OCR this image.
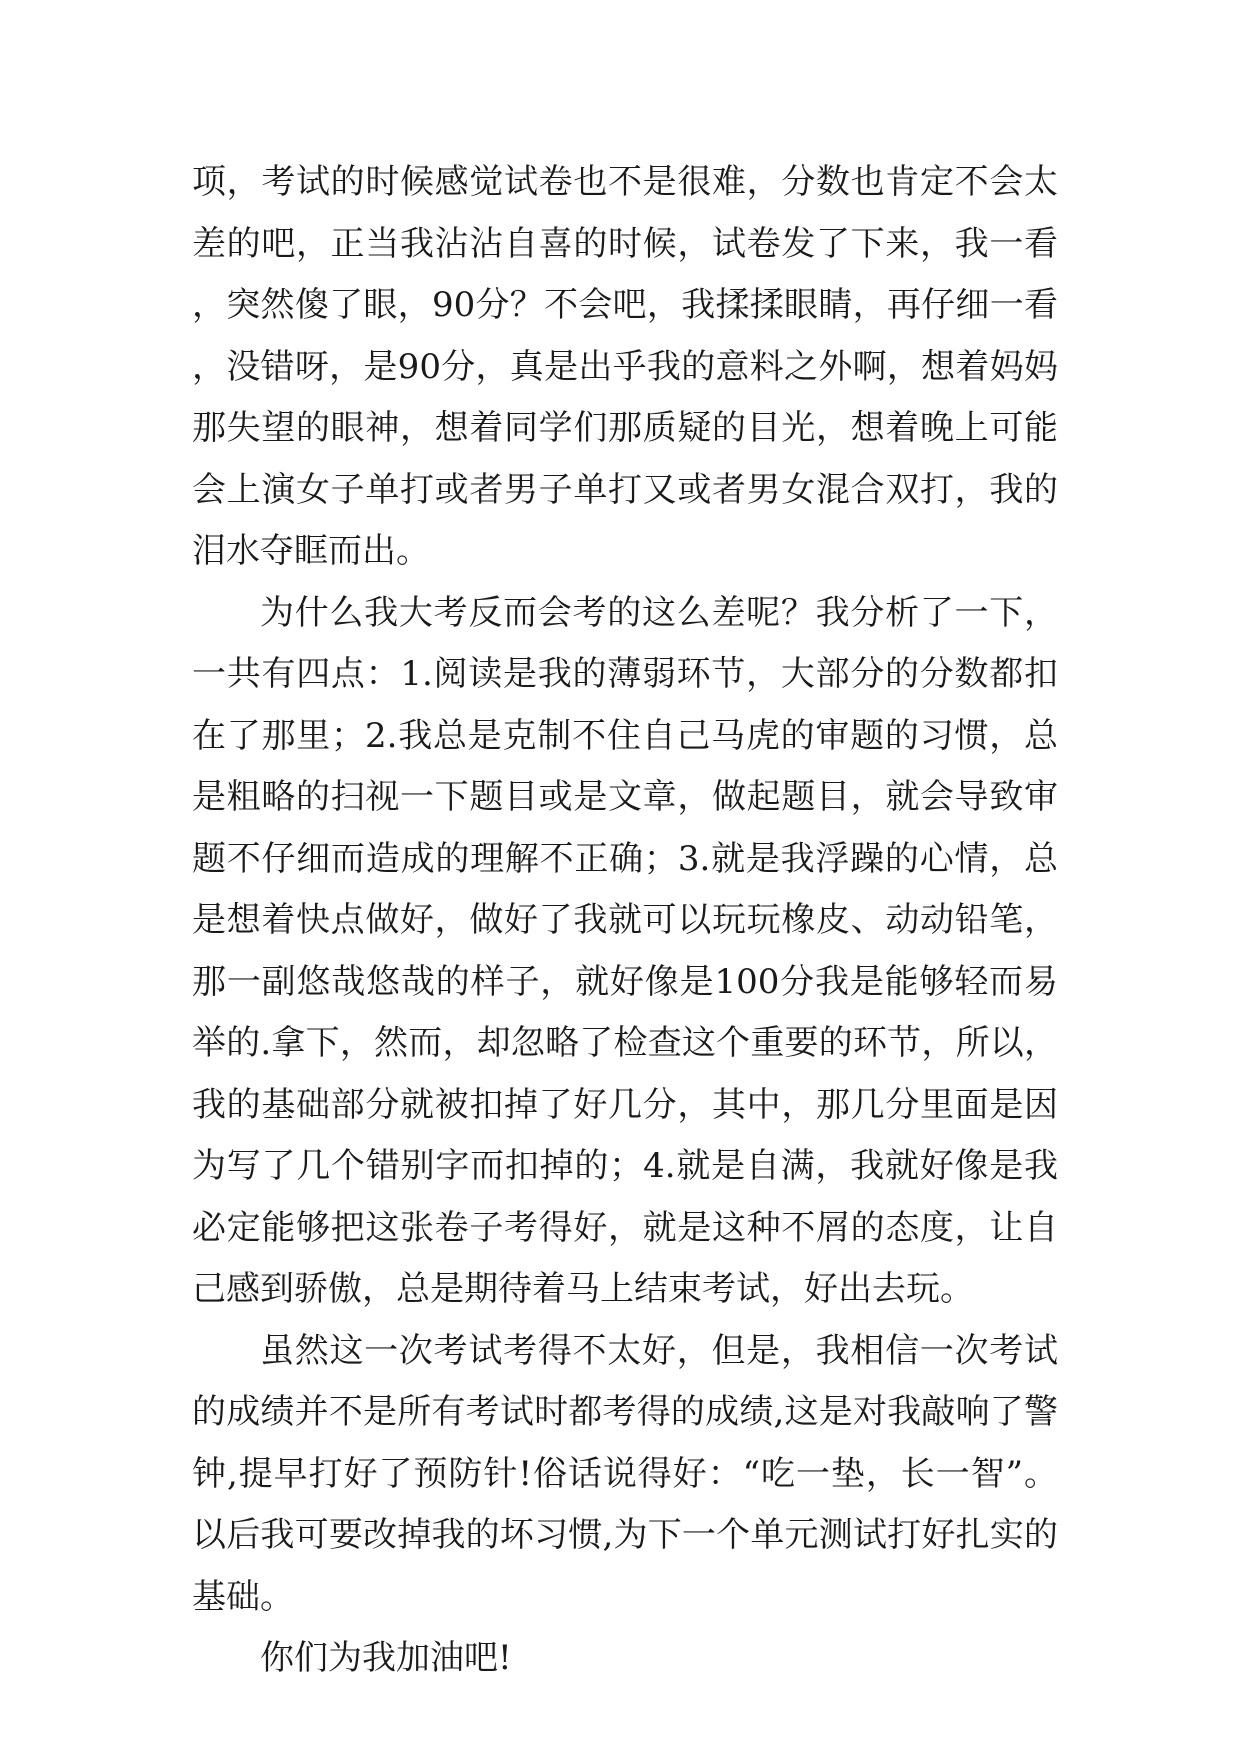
项，考试的时候感觉试卷也不是很难，分数也肯定不会太差的吧，正当我沾沾自喜的时候，试卷发了下来，我一看，突然傻了眼，90分？不会吧，我揉揉眼睛，再仔细一看，没错呀，是90分，真是出乎我的意料之外啊，想着妈妈那失望的眼神，想着同学们那质疑的目光，想着晚上可能会上演女子单打或者男子单打又或者男女混合双打，我的泪水夺眶而出。

为什么我大考反而会考的这么差呢？我分析了一下，一共有四点：1.阅读是我的薄弱环节，大部分的分数都扣在了那里；2.我总是克制不住自己马虎的审题的习惯，总是粗略的扫视一下题目或是文章，做起题目，就会导致审题不仔细而造成的理解不正确；3.就是我浮躁的心情，总是想着快点做好，做好了我就可以玩玩橡皮、动动铅笔，那一副悠哉悠哉的样子，就好像是100分我是能够轻而易举的.拿下，然而，却忽略了检查这个重要的环节，所以，我的基础部分就被扣掉了好几分，其中，那几分里面是因为写了几个错别字而扣掉的；4.就是自满，我就好像是我必定能够把这张卷子考得好，就是这种不屑的态度，让自己感到骄傲，总是期待着马上结束考试，好出去玩。

虽然这一次考试考得不太好，但是，我相信一次考试的成绩并不是所有考试时都考得的成绩,这是对我敲响了警钟,提早打好了预防针!俗话说得好：“吃一垫，长一智”。以后我可要改掉我的坏习惯,为下一个单元测试打好扎实的基础。

你们为我加油吧!
